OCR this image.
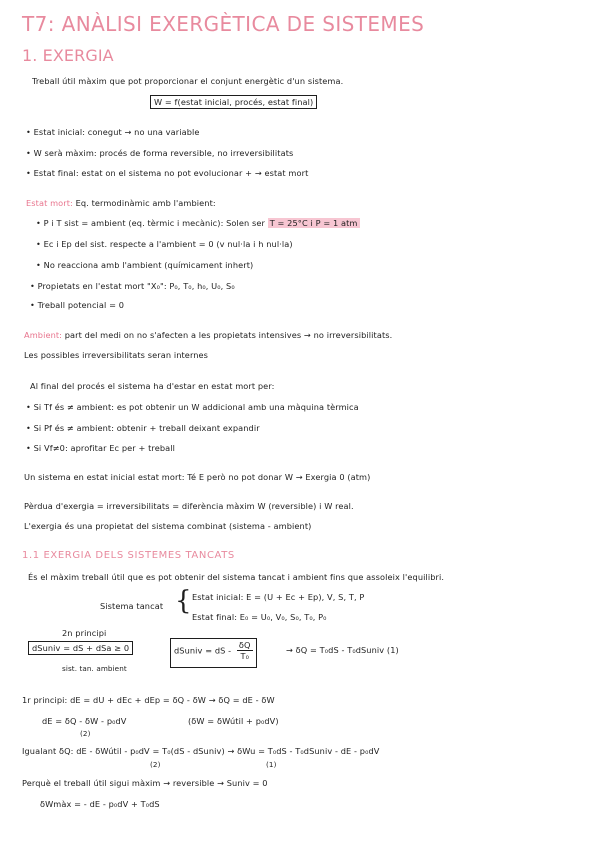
T7: ANÀLISI EXERGÈTICA DE SISTEMES
1. EXERGIA
Treball útil màxim que pot proporcionar el conjunt energètic d'un sistema.
W = f(estat inicial, procés, estat final)
• Estat inicial: conegut → no una variable
• W serà màxim: procés de forma reversible, no irreversibilitats
• Estat final: estat on el sistema no pot evolucionar + → estat mort
Estat mort: Eq. termodinàmic amb l'ambient:
• P i T sist = ambient (eq. tèrmic i mecànic): Solen ser T = 25°C i P = 1 atm
• Ec i Ep del sist. respecte a l'ambient = 0 (v nul·la i h nul·la)
• No reacciona amb l'ambient (químicament inhert)
• Propietats en l'estat mort "X₀": P₀, T₀, h₀, U₀, S₀
• Treball potencial = 0
Ambient: part del medi on no s'afecten a les propietats intensives → no irreversibilitats.
Les possibles irreversibilitats seran internes
Al final del procés el sistema ha d'estar en estat mort per:
• Si Tf és ≠ ambient: es pot obtenir un W addicional amb una màquina tèrmica
• Si Pf és ≠ ambient: obtenir + treball deixant expandir
• Si Vf≠0: aprofitar Ec per + treball
Un sistema en estat inicial estat mort: Té E però no pot donar W → Exergia 0 (atm)
Pèrdua d'exergia = irreversibilitats = diferència màxim W (reversible) i W real.
L'exergia és una propietat del sistema combinat (sistema - ambient)
1.1 EXERGIA DELS SISTEMES TANCATS
És el màxim treball útil que es pot obtenir del sistema tancat i ambient fins que assoleix l'equilibri.
Sistema tancat { Estat inicial: E = (U + Ec + Ep), V, S, T, P
Estat final: E₀ = U₀, V₀, S₀, T₀, P₀
2n principi
dSuniv = dS + dSa ≥ 0
sist. tan. ambient
dSuniv = dS - $\frac{\delta Q}{\text{T₀}}$	→ δQ = T₀dS - T₀dSuniv (1)
1r principi: dE = dU + dEc + dEp = δQ - δW → δQ = dE - δW
dE = δQ - δW - p₀dV	(δW = δWútil + p₀dV)
(2)
Igualant δQ: dE - δWútil - p₀dV = T₀(dS - dSuniv) → δWu = T₀dS - T₀dSuniv - dE - p₀dV
(2)	(1)
Perquè el treball útil sigui màxim → reversible → Suniv = 0
δWmàx = - dE - p₀dV + T₀dS
